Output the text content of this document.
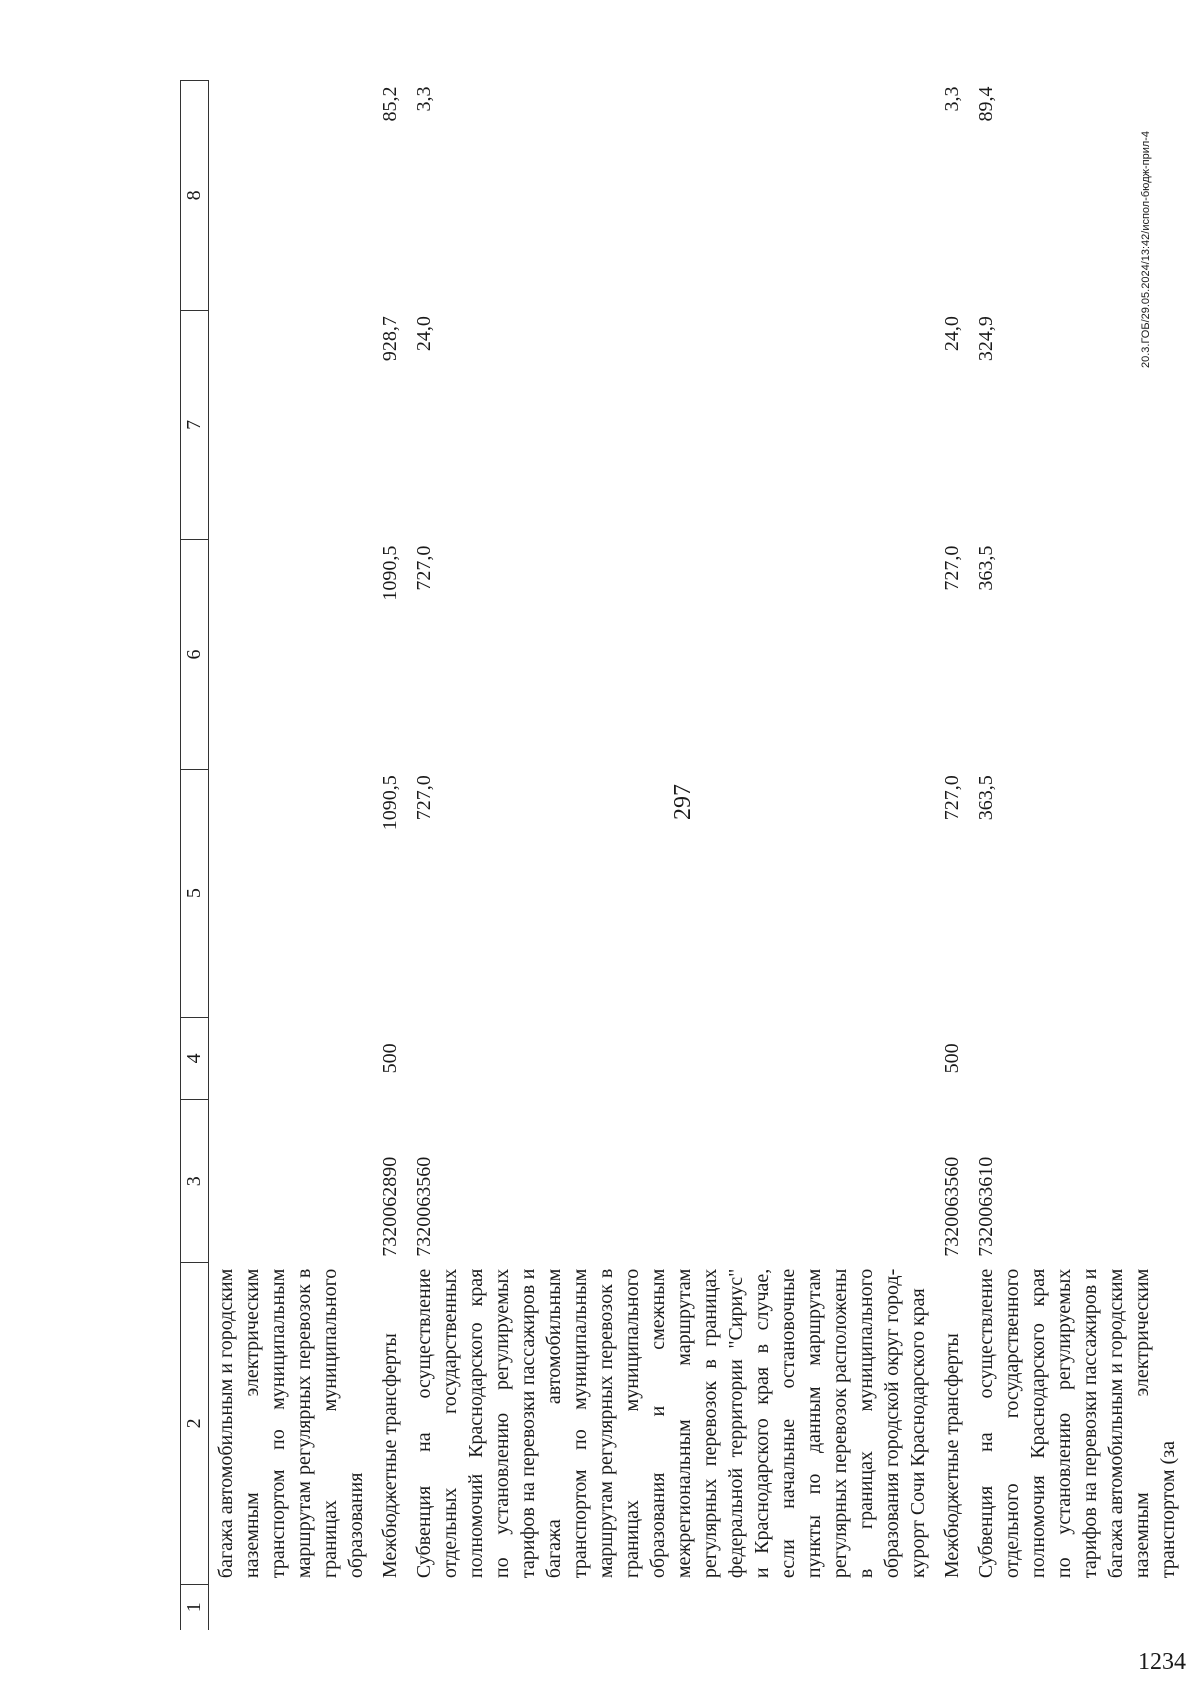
297
1	2	3	4	5	6	7	8
	багажа автомобильным и городским наземным электрическим транспортом по муниципальным маршрутам регулярных перевозок в границах муниципального образования						
	Межбюджетные трансферты	7320062890	500	1090,5	1090,5	928,7	85,2
	Субвенция на осуществление отдельных государственных полномочий Краснодарского края по установлению регулируемых тарифов на перевозки пассажиров и багажа автомобильным транспортом по муниципальным маршрутам регулярных перевозок в границах муниципального образования и смежным межрегиональным маршрутам регулярных перевозок в границах федеральной территории "Сириус" и Краснодарского края в случае, если начальные остановочные пункты по данным маршрутам регулярных перевозок расположены в границах муниципального образования городской округ город-курорт Сочи Краснодарского края	7320063560		727,0	727,0	24,0	3,3
	Межбюджетные трансферты	7320063560	500	727,0	727,0	24,0	3,3
	Субвенция на осуществление отдельного государственного полномочия Краснодарского края по установлению регулируемых тарифов на перевозки пассажиров и багажа автомобильным и городским наземным электрическим транспортом (за	7320063610		363,5	363,5	324,9	89,4
20.3.ГОБ/29.05.2024/13:42/испол-бюдж-прил-4
1234
